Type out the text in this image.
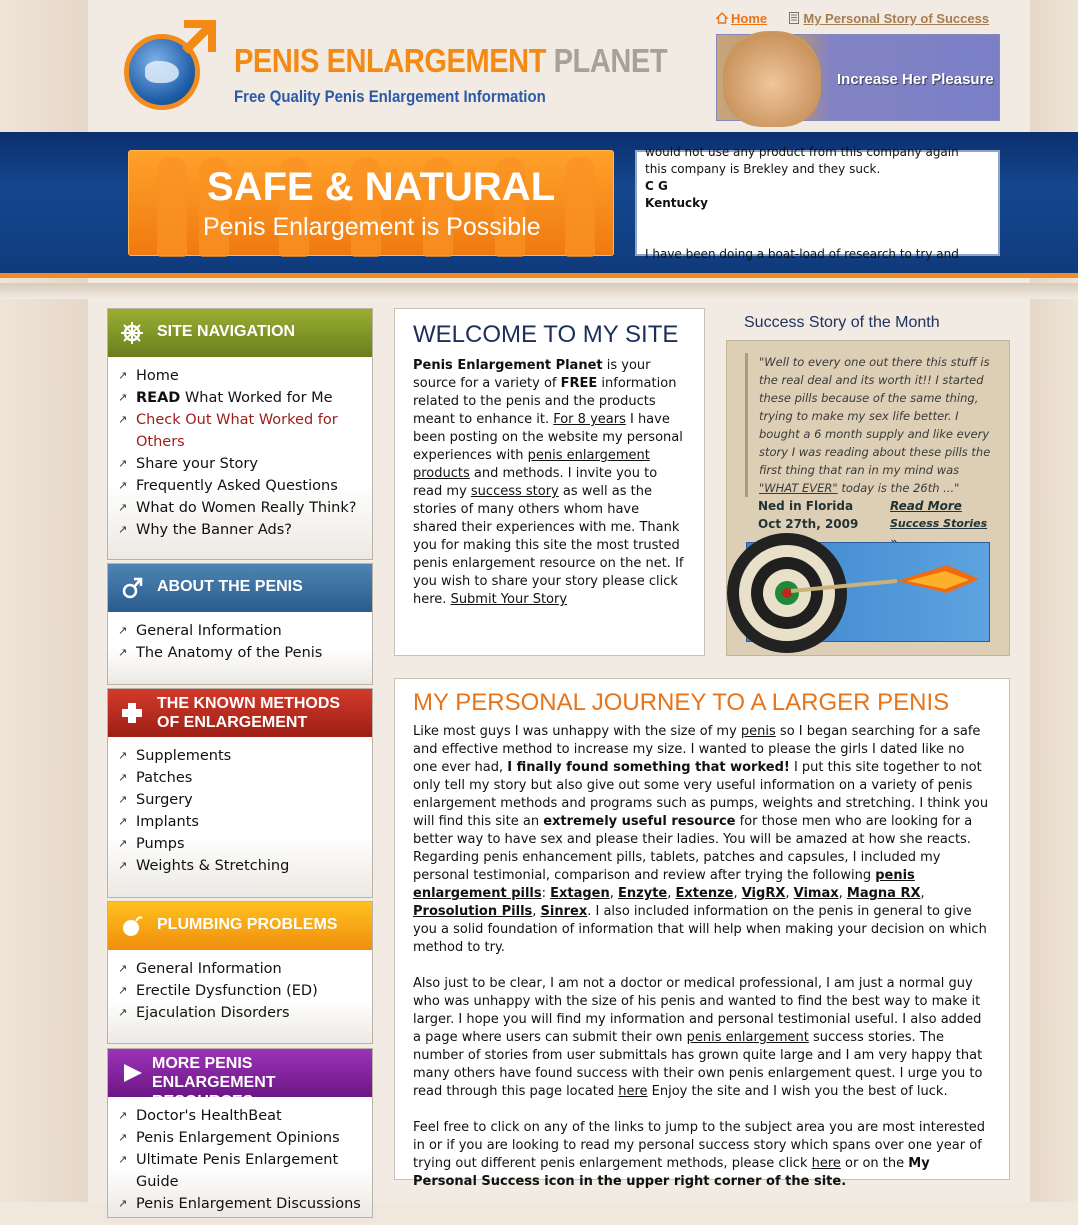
PENIS ENLARGEMENT PLANET
Free Quality Penis Enlargement Information
Home	My Personal Story of Success
Increase Her Pleasure
SAFE & NATURAL
Penis Enlargement is Possible
would not use any product from this company again
this company is Brekley and they suck.
C G
Kentucky
I have been doing a boat-load of research to try and
SITE NAVIGATION
↗ Home
↗ READ What Worked for Me
↗ Check Out What Worked for Others
↗ Share your Story
↗ Frequently Asked Questions
↗ What do Women Really Think?
↗ Why the Banner Ads?
ABOUT THE PENIS
↗ General Information
↗ The Anatomy of the Penis
THE KNOWN METHODS
OF ENLARGEMENT
↗ Supplements
↗ Patches
↗ Surgery
↗ Implants
↗ Pumps
↗ Weights & Stretching
PLUMBING PROBLEMS
↗ General Information
↗ Erectile Dysfunction (ED)
↗ Ejaculation Disorders
MORE PENIS
ENLARGEMENT RESOURCES
↗ Doctor's HealthBeat
↗ Penis Enlargement Opinions
↗ Ultimate Penis Enlargement Guide
↗ Penis Enlargement Discussions
WELCOME TO MY SITE

Penis Enlargement Planet is your source for a variety of FREE information related to the penis and the products meant to enhance it. For 8 years I have been posting on the website my personal experiences with penis enlargement products and methods. I invite you to read my success story as well as the stories of many others whom have shared their experiences with me. Thank you for making this site the most trusted penis enlargement resource on the net. If you wish to share your story please click here. Submit Your Story

Success Story of the Month
"Well to every one out there this stuff is the real deal and its worth it!! I started these pills because of the same thing, trying to make my sex life better. I bought a 6 month supply and like every story I was reading about these pills the first thing that ran in my mind was "WHAT EVER" today is the 26th ..."
Ned in Florida	Read More
Oct 27th, 2009	Success Stories
MY PERSONAL JOURNEY TO A LARGER PENIS

Like most guys I was unhappy with the size of my penis so I began searching for a safe and effective method to increase my size. I wanted to please the girls I dated like no one ever had, I finally found something that worked! I put this site together to not only tell my story but also give out some very useful information on a variety of penis enlargement methods and programs such as pumps, weights and stretching. I think you will find this site an extremely useful resource for those men who are looking for a better way to have sex and please their ladies. You will be amazed at how she reacts. Regarding penis enhancement pills, tablets, patches and capsules, I included my personal testimonial, comparison and review after trying the following penis enlargement pills: Extagen, Enzyte, Extenze, VigRX, Vimax, Magna RX, Prosolution Pills, Sinrex. I also included information on the penis in general to give you a solid foundation of information that will help when making your decision on which method to try.

Also just to be clear, I am not a doctor or medical professional, I am just a normal guy who was unhappy with the size of his penis and wanted to find the best way to make it larger. I hope you will find my information and personal testimonial useful. I also added a page where users can submit their own penis enlargement success stories. The number of stories from user submittals has grown quite large and I am very happy that many others have found success with their own penis enlargement quest. I urge you to read through this page located here Enjoy the site and I wish you the best of luck.

Feel free to click on any of the links to jump to the subject area you are most interested in or if you are looking to read my personal success story which spans over one year of trying out different penis enlargement methods, please click here or on the My Personal Success icon in the upper right corner of the site.
